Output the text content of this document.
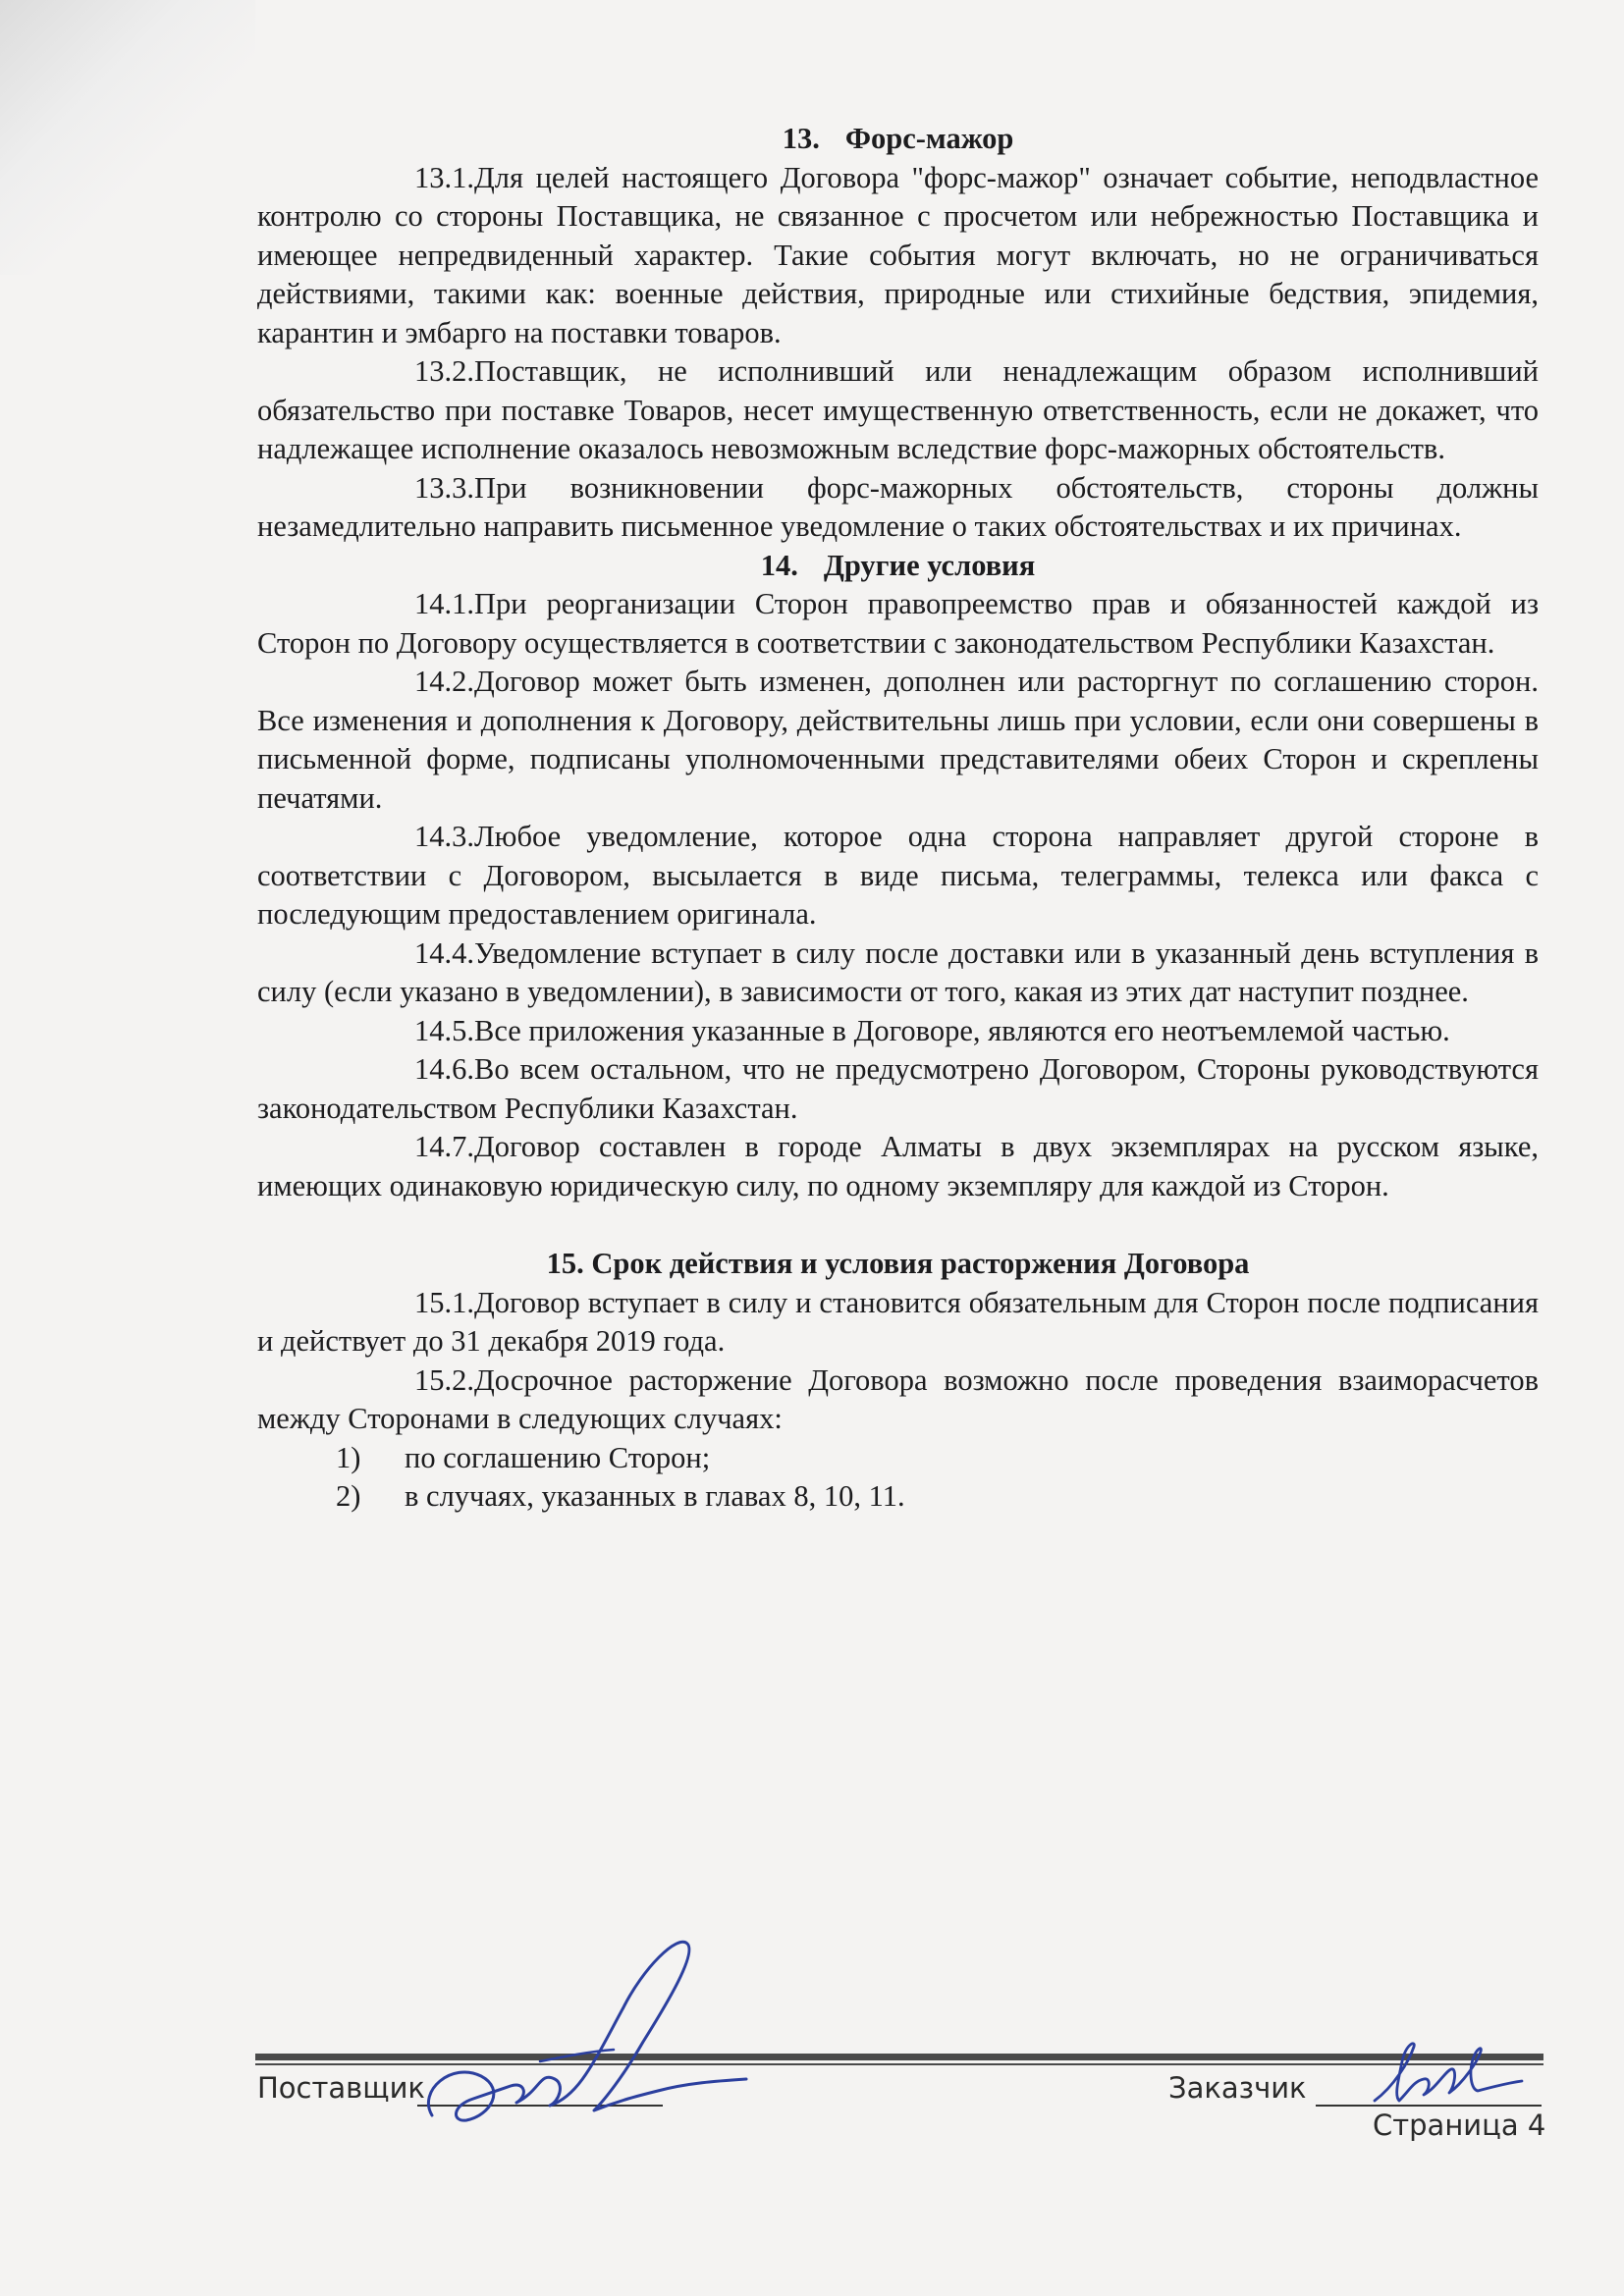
13. Форс-мажор

13.1.Для целей настоящего Договора "форс-мажор" означает событие, неподвластное контролю со стороны Поставщика, не связанное с просчетом или небрежностью Поставщика и имеющее непредвиденный характер. Такие события могут включать, но не ограничиваться действиями, такими как: военные действия, природные или стихийные бедствия, эпидемия, карантин и эмбарго на поставки товаров.

13.2.Поставщик, не исполнивший или ненадлежащим образом исполнивший обязательство при поставке Товаров, несет имущественную ответственность, если не докажет, что надлежащее исполнение оказалось невозможным вследствие форс-мажорных обстоятельств.

13.3.При возникновении форс-мажорных обстоятельств, стороны должны незамедлительно направить письменное уведомление о таких обстоятельствах и их причинах.

14. Другие условия

14.1.При реорганизации Сторон правопреемство прав и обязанностей каждой из Сторон по Договору осуществляется в соответствии с законодательством Республики Казахстан.

14.2.Договор может быть изменен, дополнен или расторгнут по соглашению сторон. Все изменения и дополнения к Договору, действительны лишь при условии, если они совершены в письменной форме, подписаны уполномоченными представителями обеих Сторон и скреплены печатями.

14.3.Любое уведомление, которое одна сторона направляет другой стороне в соответствии с Договором, высылается в виде письма, телеграммы, телекса или факса с последующим предоставлением оригинала.

14.4.Уведомление вступает в силу после доставки или в указанный день вступления в силу (если указано в уведомлении), в зависимости от того, какая из этих дат наступит позднее.

14.5.Все приложения указанные в Договоре, являются его неотъемлемой частью.

14.6.Во всем остальном, что не предусмотрено Договором, Стороны руководствуются законодательством Республики Казахстан.

14.7.Договор составлен в городе Алматы в двух экземплярах на русском языке, имеющих одинаковую юридическую силу, по одному экземпляру для каждой из Сторон.

15. Срок действия и условия расторжения Договора

15.1.Договор вступает в силу и становится обязательным для Сторон после подписания и действует до 31 декабря 2019 года.

15.2.Досрочное расторжение Договора возможно после проведения взаиморасчетов между Сторонами в следующих случаях:

1) по соглашению Сторон;

2) в случаях, указанных в главах 8, 10, 11.

Поставщик	Заказчик
Страница 4
